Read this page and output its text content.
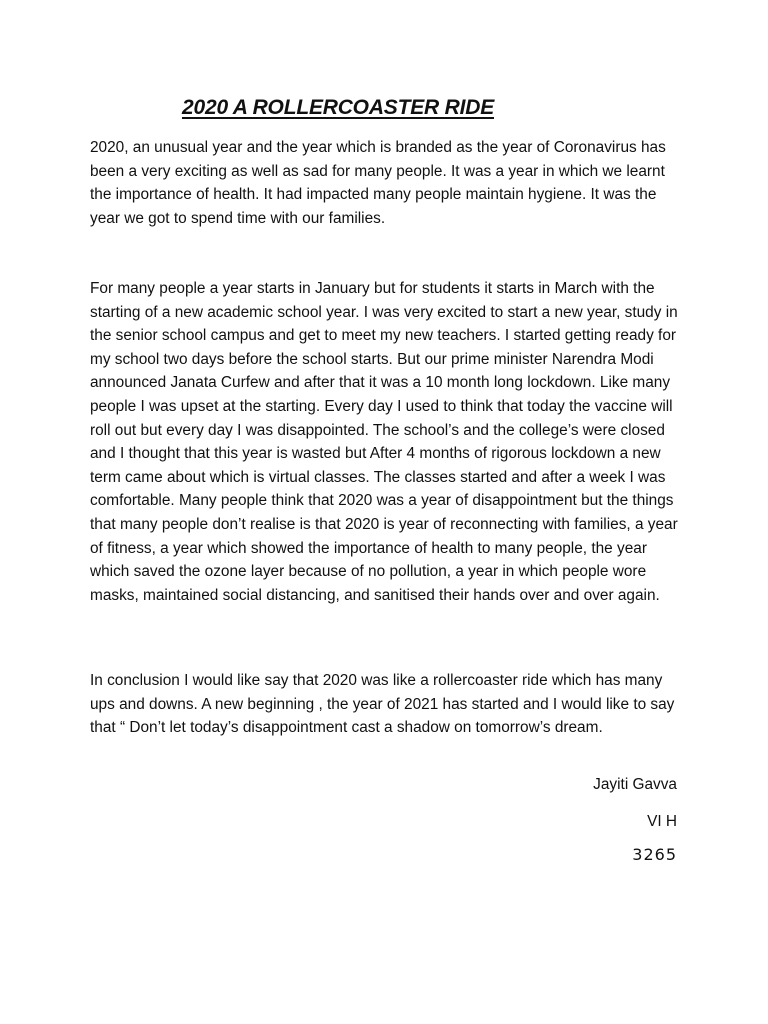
2020 A ROLLERCOASTER RIDE

2020, an unusual year and the year which is branded as the year of Coronavirus has been a very exciting as well as sad for many people. It was a year in which we learnt the importance of health. It had impacted many people maintain hygiene. It was the year we got to spend time with our families.

For many people a year starts in January but for students it starts in March with the starting of a new academic school year. I was very excited to start a new year, study in the senior school campus and get to meet my new teachers. I started getting ready for my school two days before the school starts. But our prime minister Narendra Modi announced Janata Curfew and after that it was a 10 month long lockdown. Like many people I was upset at the starting. Every day I used to think that today the vaccine will roll out but every day I was disappointed. The school’s and the college’s were closed and I thought that this year is wasted but After 4 months of rigorous lockdown a new term came about which is virtual classes. The classes started and after a week I was comfortable. Many people think that 2020 was a year of disappointment but the things that many people don’t realise is that 2020 is year of reconnecting with families, a year of fitness, a year which showed the importance of health to many people, the year which saved the ozone layer because of no pollution, a year in which people wore masks, maintained social distancing, and sanitised their hands over and over again.

In conclusion I would like say that 2020 was like a rollercoaster ride which has many ups and downs. A new beginning , the year of 2021 has started and I would like to say that “ Don’t let today’s disappointment cast a shadow on tomorrow’s dream.

Jayiti Gavva
VI H
3265
